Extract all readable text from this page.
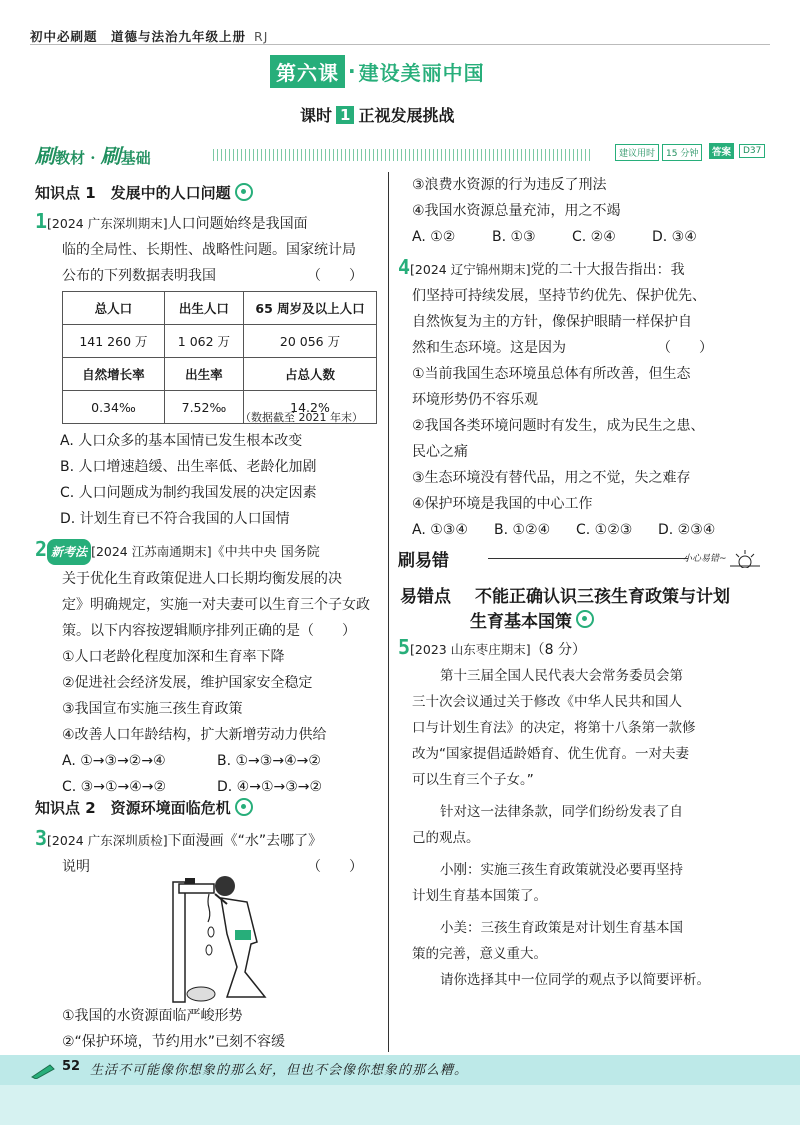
初中必刷题　道德与法治九年级上册 RJ
第六课 · 建设美丽中国
课时 1 正视发展挑战
刷教材 · 刷基础	建议用时	15 分钟	答案	D37
知识点 1　发展中的人口问题
1[2024 广东深圳期末]人口问题始终是我国面
临的全局性、长期性、战略性问题。国家统计局
公布的下列数据表明我国　　　　　　　（　　）
总人口	出生人口	65 周岁及以上人口
141 260 万	1 062 万	20 056 万
自然增长率	出生率	占总人数
0.34‰	7.52‰	14.2%
（数据截至 2021 年末）
A. 人口众多的基本国情已发生根本改变
B. 人口增速趋缓、出生率低、老龄化加剧
C. 人口问题成为制约我国发展的决定因素
D. 计划生育已不符合我国的人口国情
2 新考法 [2024 江苏南通期末]《中共中央 国务院
关于优化生育政策促进人口长期均衡发展的决
定》明确规定，实施一对夫妻可以生育三个子女政
策。以下内容按逻辑顺序排列正确的是（　　）
①人口老龄化程度加深和生育率下降
②促进社会经济发展，维护国家安全稳定
③我国宣布实施三孩生育政策
④改善人口年龄结构，扩大新增劳动力供给
A. ①→③→②→④	B. ①→③→④→②
C. ③→①→④→②	D. ④→①→③→②
知识点 2　资源环境面临危机
3[2024 广东深圳质检]下面漫画《“水”去哪了》
说明　　　　　　　　　　　　　　　　（　　）
①我国的水资源面临严峻形势
②“保护环境，节约用水”已刻不容缓
③浪费水资源的行为违反了刑法
④我国水资源总量充沛，用之不竭
A. ①②	B. ①③	C. ②④	D. ③④
4[2024 辽宁锦州期末]党的二十大报告指出：我
们坚持可持续发展，坚持节约优先、保护优先、
自然恢复为主的方针，像保护眼睛一样保护自
然和生态环境。这是因为　　　　　　　（　　）
①当前我国生态环境虽总体有所改善，但生态
环境形势仍不容乐观
②我国各类环境问题时有发生，成为民生之患、
民心之痛
③生态环境没有替代品，用之不觉，失之难存
④保护环境是我国的中心工作
A. ①③④	B. ①②④	C. ①②③	D. ②③④
刷易错	小心易错~
易错点 不能正确认识三孩生育政策与计划
生育基本国策
5[2023 山东枣庄期末]（8 分）
第十三届全国人民代表大会常务委员会第
三十次会议通过关于修改《中华人民共和国人
口与计划生育法》的决定，将第十八条第一款修
改为“国家提倡适龄婚育、优生优育。一对夫妻
可以生育三个子女。”
针对这一法律条款，同学们纷纷发表了自
己的观点。
小刚：实施三孩生育政策就没必要再坚持
计划生育基本国策了。
小美：三孩生育政策是对计划生育基本国
策的完善，意义重大。
请你选择其中一位同学的观点予以简要评析。
52 生活不可能像你想象的那么好，但也不会像你想象的那么糟。
